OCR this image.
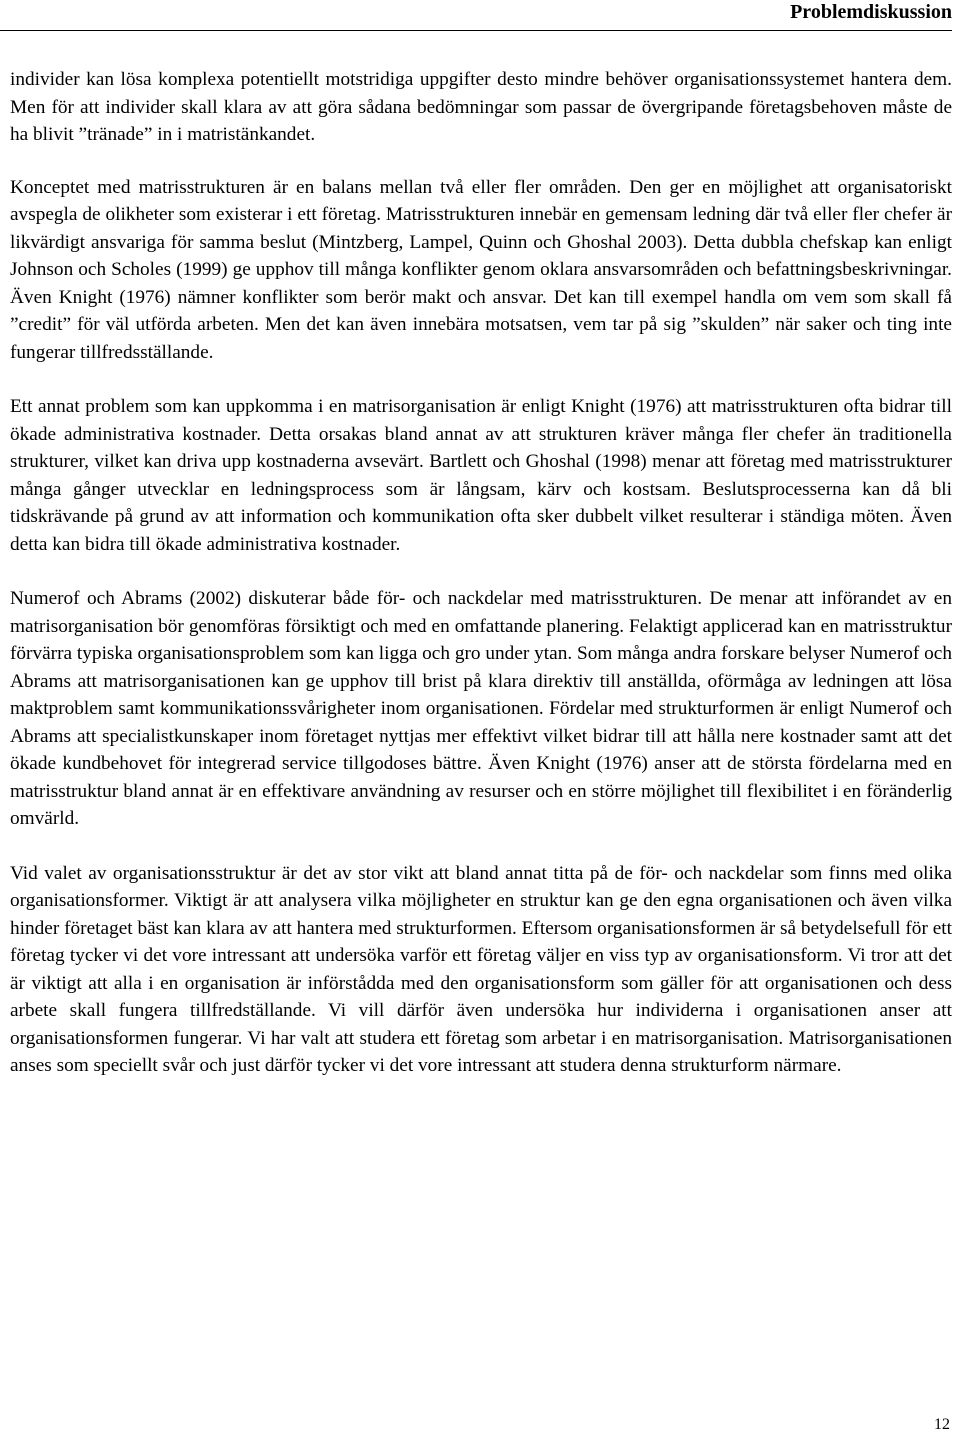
Problemdiskussion

individer kan lösa komplexa potentiellt motstridiga uppgifter desto mindre behöver organisationssystemet hantera dem. Men för att individer skall klara av att göra sådana bedömningar som passar de övergripande företagsbehoven måste de ha blivit ”tränade” in i matristänkandet.

Konceptet med matrisstrukturen är en balans mellan två eller fler områden. Den ger en möjlighet att organisatoriskt avspegla de olikheter som existerar i ett företag. Matrisstrukturen innebär en gemensam ledning där två eller fler chefer är likvärdigt ansvariga för samma beslut (Mintzberg, Lampel, Quinn och Ghoshal 2003). Detta dubbla chefskap kan enligt Johnson och Scholes (1999) ge upphov till många konflikter genom oklara ansvarsområden och befattningsbeskrivningar. Även Knight (1976) nämner konflikter som berör makt och ansvar. Det kan till exempel handla om vem som skall få ”credit” för väl utförda arbeten. Men det kan även innebära motsatsen, vem tar på sig ”skulden” när saker och ting inte fungerar tillfredsställande.

Ett annat problem som kan uppkomma i en matrisorganisation är enligt Knight (1976) att matrisstrukturen ofta bidrar till ökade administrativa kostnader. Detta orsakas bland annat av att strukturen kräver många fler chefer än traditionella strukturer, vilket kan driva upp kostnaderna avsevärt. Bartlett och Ghoshal (1998) menar att företag med matrisstrukturer många gånger utvecklar en ledningsprocess som är långsam, kärv och kostsam. Beslutsprocesserna kan då bli tidskrävande på grund av att information och kommunikation ofta sker dubbelt vilket resulterar i ständiga möten. Även detta kan bidra till ökade administrativa kostnader.

Numerof och Abrams (2002) diskuterar både för- och nackdelar med matrisstrukturen. De menar att införandet av en matrisorganisation bör genomföras försiktigt och med en omfattande planering. Felaktigt applicerad kan en matrisstruktur förvärra typiska organisationsproblem som kan ligga och gro under ytan. Som många andra forskare belyser Numerof och Abrams att matrisorganisationen kan ge upphov till brist på klara direktiv till anställda, oförmåga av ledningen att lösa maktproblem samt kommunikationssvårigheter inom organisationen. Fördelar med strukturformen är enligt Numerof och Abrams att specialistkunskaper inom företaget nyttjas mer effektivt vilket bidrar till att hålla nere kostnader samt att det ökade kundbehovet för integrerad service tillgodoses bättre. Även Knight (1976) anser att de största fördelarna med en matrisstruktur bland annat är en effektivare användning av resurser och en större möjlighet till flexibilitet i en föränderlig omvärld.

Vid valet av organisationsstruktur är det av stor vikt att bland annat titta på de för- och nackdelar som finns med olika organisationsformer. Viktigt är att analysera vilka möjligheter en struktur kan ge den egna organisationen och även vilka hinder företaget bäst kan klara av att hantera med strukturformen. Eftersom organisationsformen är så betydelsefull för ett företag tycker vi det vore intressant att undersöka varför ett företag väljer en viss typ av organisationsform. Vi tror att det är viktigt att alla i en organisation är införstådda med den organisationsform som gäller för att organisationen och dess arbete skall fungera tillfredställande. Vi vill därför även undersöka hur individerna i organisationen anser att organisationsformen fungerar. Vi har valt att studera ett företag som arbetar i en matrisorganisation. Matrisorganisationen anses som speciellt svår och just därför tycker vi det vore intressant att studera denna strukturform närmare.

12
